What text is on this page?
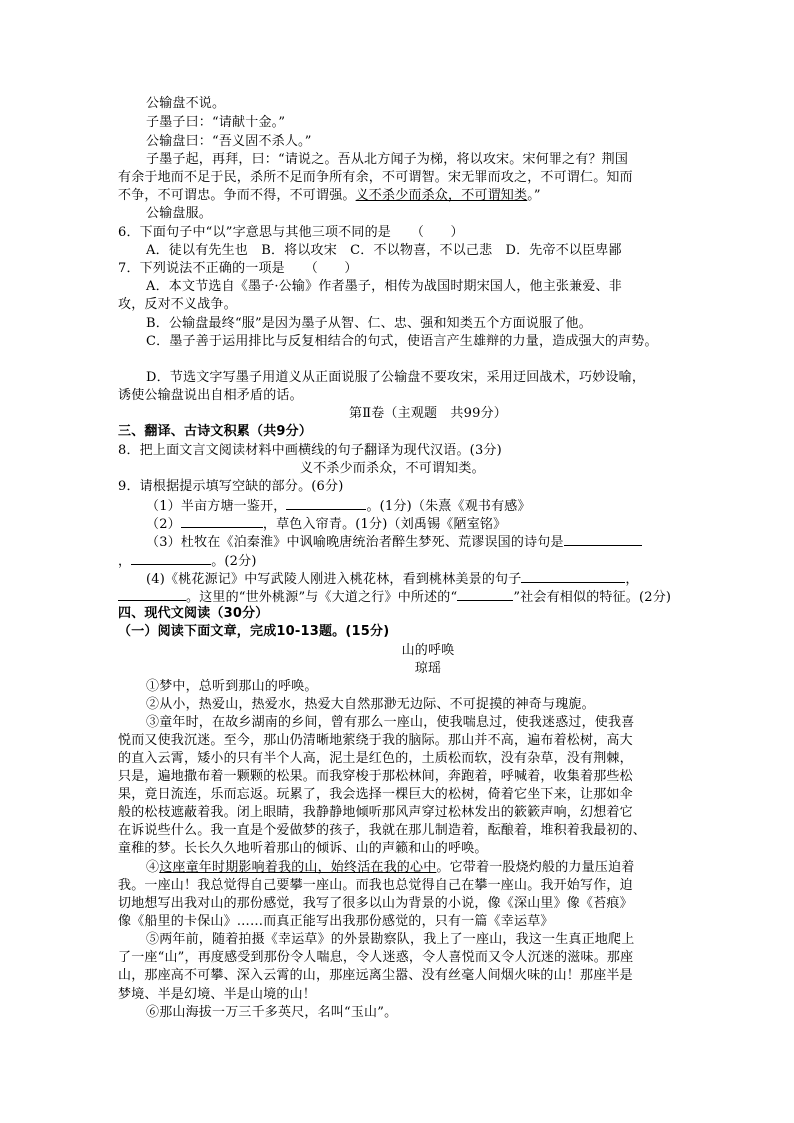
公输盘不说。
子墨子曰：“请献十金。”
公输盘曰：“吾义固不杀人。”
子墨子起，再拜，曰：“请说之。吾从北方闻子为梯，将以攻宋。宋何罪之有？荆国
有余于地而不足于民，杀所不足而争所有余，不可谓智。宋无罪而攻之，不可谓仁。知而
不争，不可谓忠。争而不得，不可谓强。义不杀少而杀众，不可谓知类。”
公输盘服。
6．下面句子中“以”字意思与其他三项不同的是　　（　　）
A．徒以有先生也　B．将以攻宋　C．不以物喜，不以己悲　D．先帝不以臣卑鄙
7．下列说法不正确的一项是　　（　　）
A．本文节选自《墨子·公输》作者墨子，相传为战国时期宋国人，他主张兼爱、非
攻，反对不义战争。
B．公输盘最终“服”是因为墨子从智、仁、忠、强和知类五个方面说服了他。
C．墨子善于运用排比与反复相结合的句式，使语言产生雄辩的力量，造成强大的声势。
D．节选文字写墨子用道义从正面说服了公输盘不要攻宋，采用迂回战术，巧妙设喻，
诱使公输盘说出自相矛盾的话。
第Ⅱ卷（主观题　共99分）
三、翻译、古诗文积累（共9分）
8．把上面文言文阅读材料中画横线的句子翻译为现代汉语。(3分)
义不杀少而杀众，不可谓知类。
9．请根据提示填写空缺的部分。(6分)
（1）半亩方塘一鉴开，	。(1分)（朱熹《观书有感》
（2）	，草色入帘青。(1分)（刘禹锡《陋室铭》
（3）杜牧在《泊秦淮》中讽喻晚唐统治者醉生梦死、荒谬误国的诗句是
，	。(2分)
(4)《桃花源记》中写武陵人刚进入桃花林，看到桃林美景的句子	，
。这里的“世外桃源”与《大道之行》中所述的“	”社会有相似的特征。(2分)
四、现代文阅读（30分）
（一）阅读下面文章，完成10-13题。(15分)
山的呼唤
琼瑶
①梦中，总听到那山的呼唤。
②从小，热爱山，热爱水，热爱大自然那渺无边际、不可捉摸的神奇与瑰旎。
③童年时，在故乡湖南的乡间，曾有那么一座山，使我喘息过，使我迷惑过，使我喜
悦而又使我沉迷。至今，那山仍清晰地萦绕于我的脑际。那山并不高，遍布着松树，高大
的直入云霄，矮小的只有半个人高，泥土是红色的，土质松而软，没有杂草，没有荆棘，
只是，遍地撒布着一颗颗的松果。而我穿梭于那松林间，奔跑着，呼喊着，收集着那些松
果，竟日流连，乐而忘返。玩累了，我会选择一棵巨大的松树，倚着它坐下来，让那如伞
般的松枝遮蔽着我。闭上眼睛，我静静地倾听那风声穿过松林发出的簌簌声响，幻想着它
在诉说些什么。我一直是个爱做梦的孩子，我就在那儿制造着，酝酿着，堆积着我最初的、
童稚的梦。长长久久地听着那山的倾诉、山的声籁和山的呼唤。
④这座童年时期影响着我的山，始终活在我的心中。它带着一股烧灼般的力量压迫着
我。一座山！我总觉得自己要攀一座山。而我也总觉得自己在攀一座山。我开始写作，迫
切地想写出我对山的那份感觉，我写了很多以山为背景的小说，像《深山里》像《苔痕》
像《船里的卡保山》……而真正能写出我那份感觉的，只有一篇《幸运草》
⑤两年前，随着拍摄《幸运草》的外景勘察队，我上了一座山，我这一生真正地爬上
了一座“山”，再度感受到那份令人喘息，令人迷惑，令人喜悦而又令人沉迷的滋味。那座
山，那座高不可攀、深入云霄的山，那座远离尘嚣、没有丝毫人间烟火味的山！那座半是
梦境、半是幻境、半是山境的山！
⑥那山海拔一万三千多英尺，名叫“玉山”。
